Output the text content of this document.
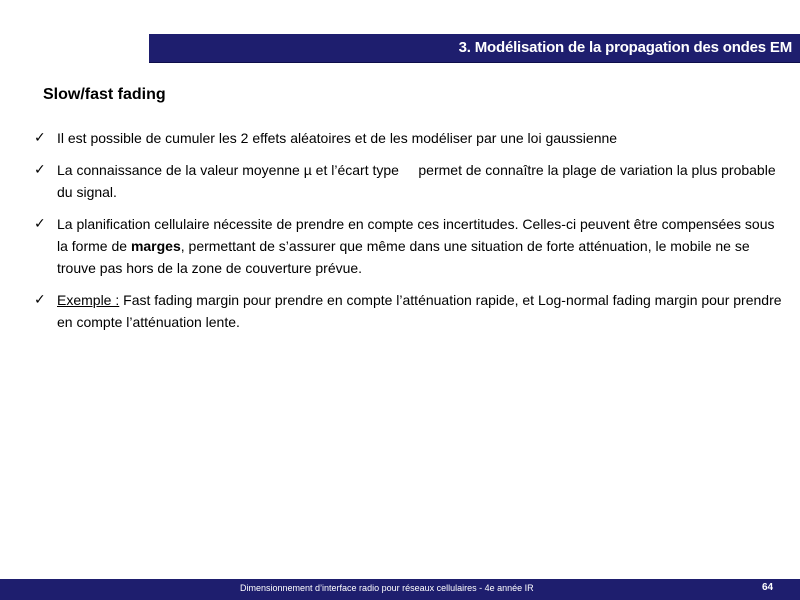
3. Modélisation de la propagation des ondes EM
Slow/fast fading
✓ Il est possible de cumuler les 2 effets aléatoires et de les modéliser par une loi gaussienne
✓ La connaissance de la valeur moyenne µ et l’écart type     permet de connaître la plage de variation la plus probable du signal.
✓ La planification cellulaire nécessite de prendre en compte ces incertitudes. Celles-ci peuvent être compensées sous la forme de marges, permettant de s’assurer que même dans une situation de forte atténuation, le mobile ne se trouve pas hors de la zone de couverture prévue.
✓ Exemple : Fast fading margin pour prendre en compte l’atténuation rapide, et Log-normal fading margin pour prendre en compte l’atténuation lente.
Dimensionnement d’interface radio pour réseaux cellulaires - 4e année IR	64
